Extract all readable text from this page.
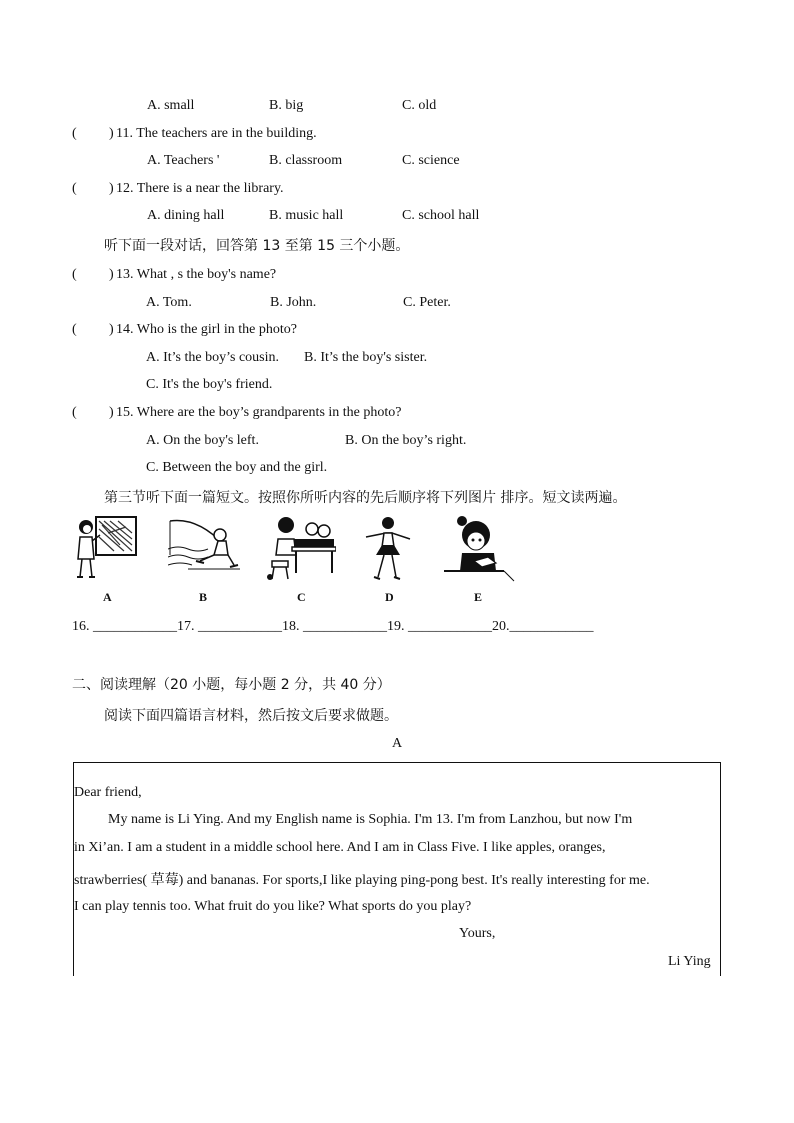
A. small	B. big	C. old
( ) 11. The teachers are in the building.
A. Teachers '	B. classroom	C. science
( ) 12. There is a near the library.
A. dining hall	B. music hall	C. school hall
听下面一段对话，回答第 13 至第 15 三个小题。
( ) 13. What , s the boy's name?
A. Tom.	B. John.	C. Peter.
( ) 14. Who is the girl in the photo?
A. It’s the boy’s cousin. B. It’s the boy's sister.
C. It's the boy's friend.
( ) 15. Where are the boy’s grandparents in the photo?
A. On the boy's left.	B. On the boy’s right.
C. Between the boy and the girl.
第三节听下面一篇短文。按照你所听内容的先后顺序将下列图片 排序。短文读两遍。
A	B	C	D	E
16. ____________17. ____________18. ____________19. ____________20.____________
二、阅读理解（20 小题，每小题 2 分，共 40 分）
阅读下面四篇语言材料，然后按文后要求做题。
A
Dear friend,
My name is Li Ying. And my English name is Sophia. I'm 13. I'm from Lanzhou, but now I'm
in Xi’an. I am a student in a middle school here. And I am in Class Five. I like apples, oranges,
strawberries( 草莓) and bananas. For sports,I like playing ping-pong best. It's really interesting for me.
I can play tennis too. What fruit do you like? What sports do you play?
Yours,
Li Ying
